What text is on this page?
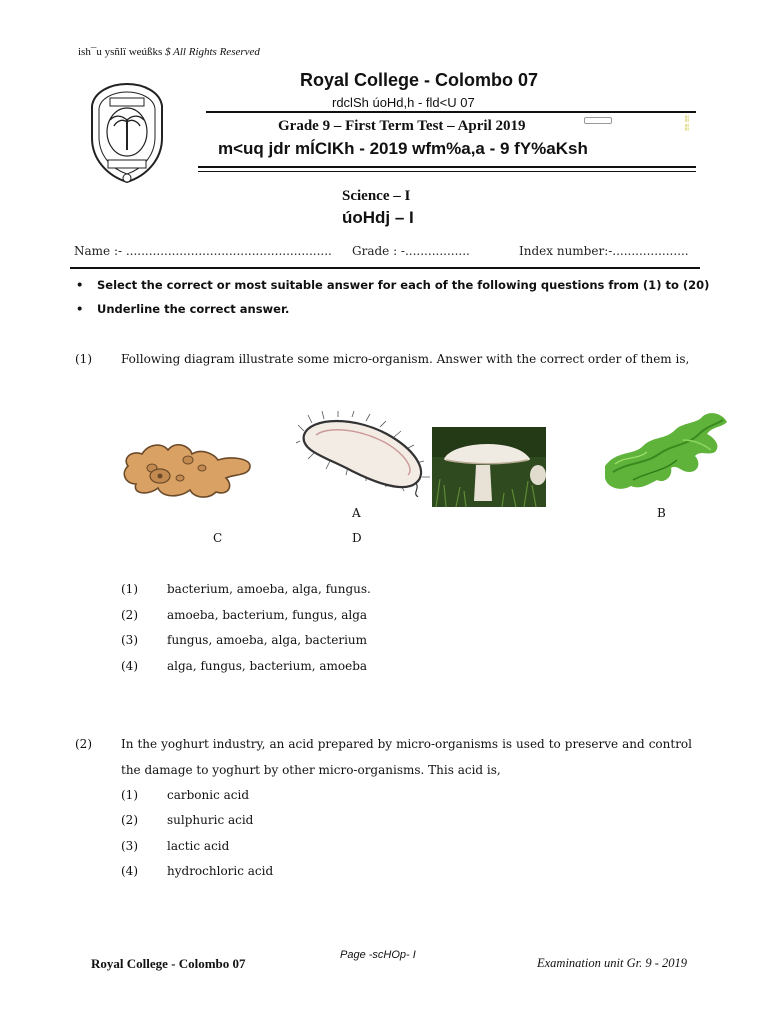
ish¯u ysñlï weúßks $ All Rights Reserved
Royal College - Colombo 07
rdclSh úoHd,h - fld<U 07
Grade 9 – First Term Test – April 2019	≡≡ ≡≡
m<uq jdr mÍCIKh - 2019 wfm%a,a - 9 fY%aKsh
Science – I
úoHdj – I
Name :- ...................................................... Grade : -.................	Index number:-....................
• Select the correct or most suitable answer for each of the following questions from (1) to (20)
• Underline the correct answer.
(1) Following diagram illustrate some micro-organism. Answer with the correct order of them is,
A	B
C	D
(1) bacterium, amoeba, alga, fungus.
(2) amoeba, bacterium, fungus, alga
(3) fungus, amoeba, alga, bacterium
(4) alga, fungus, bacterium, amoeba
(2) In the yoghurt industry, an acid prepared by micro-organisms is used to preserve and control the damage to yoghurt by other micro-organisms. This acid is,
(1) carbonic acid
(2) sulphuric acid
(3) lactic acid
(4) hydrochloric acid
Royal College - Colombo 07
Page -scHOp- I
Examination unit Gr. 9 - 2019
